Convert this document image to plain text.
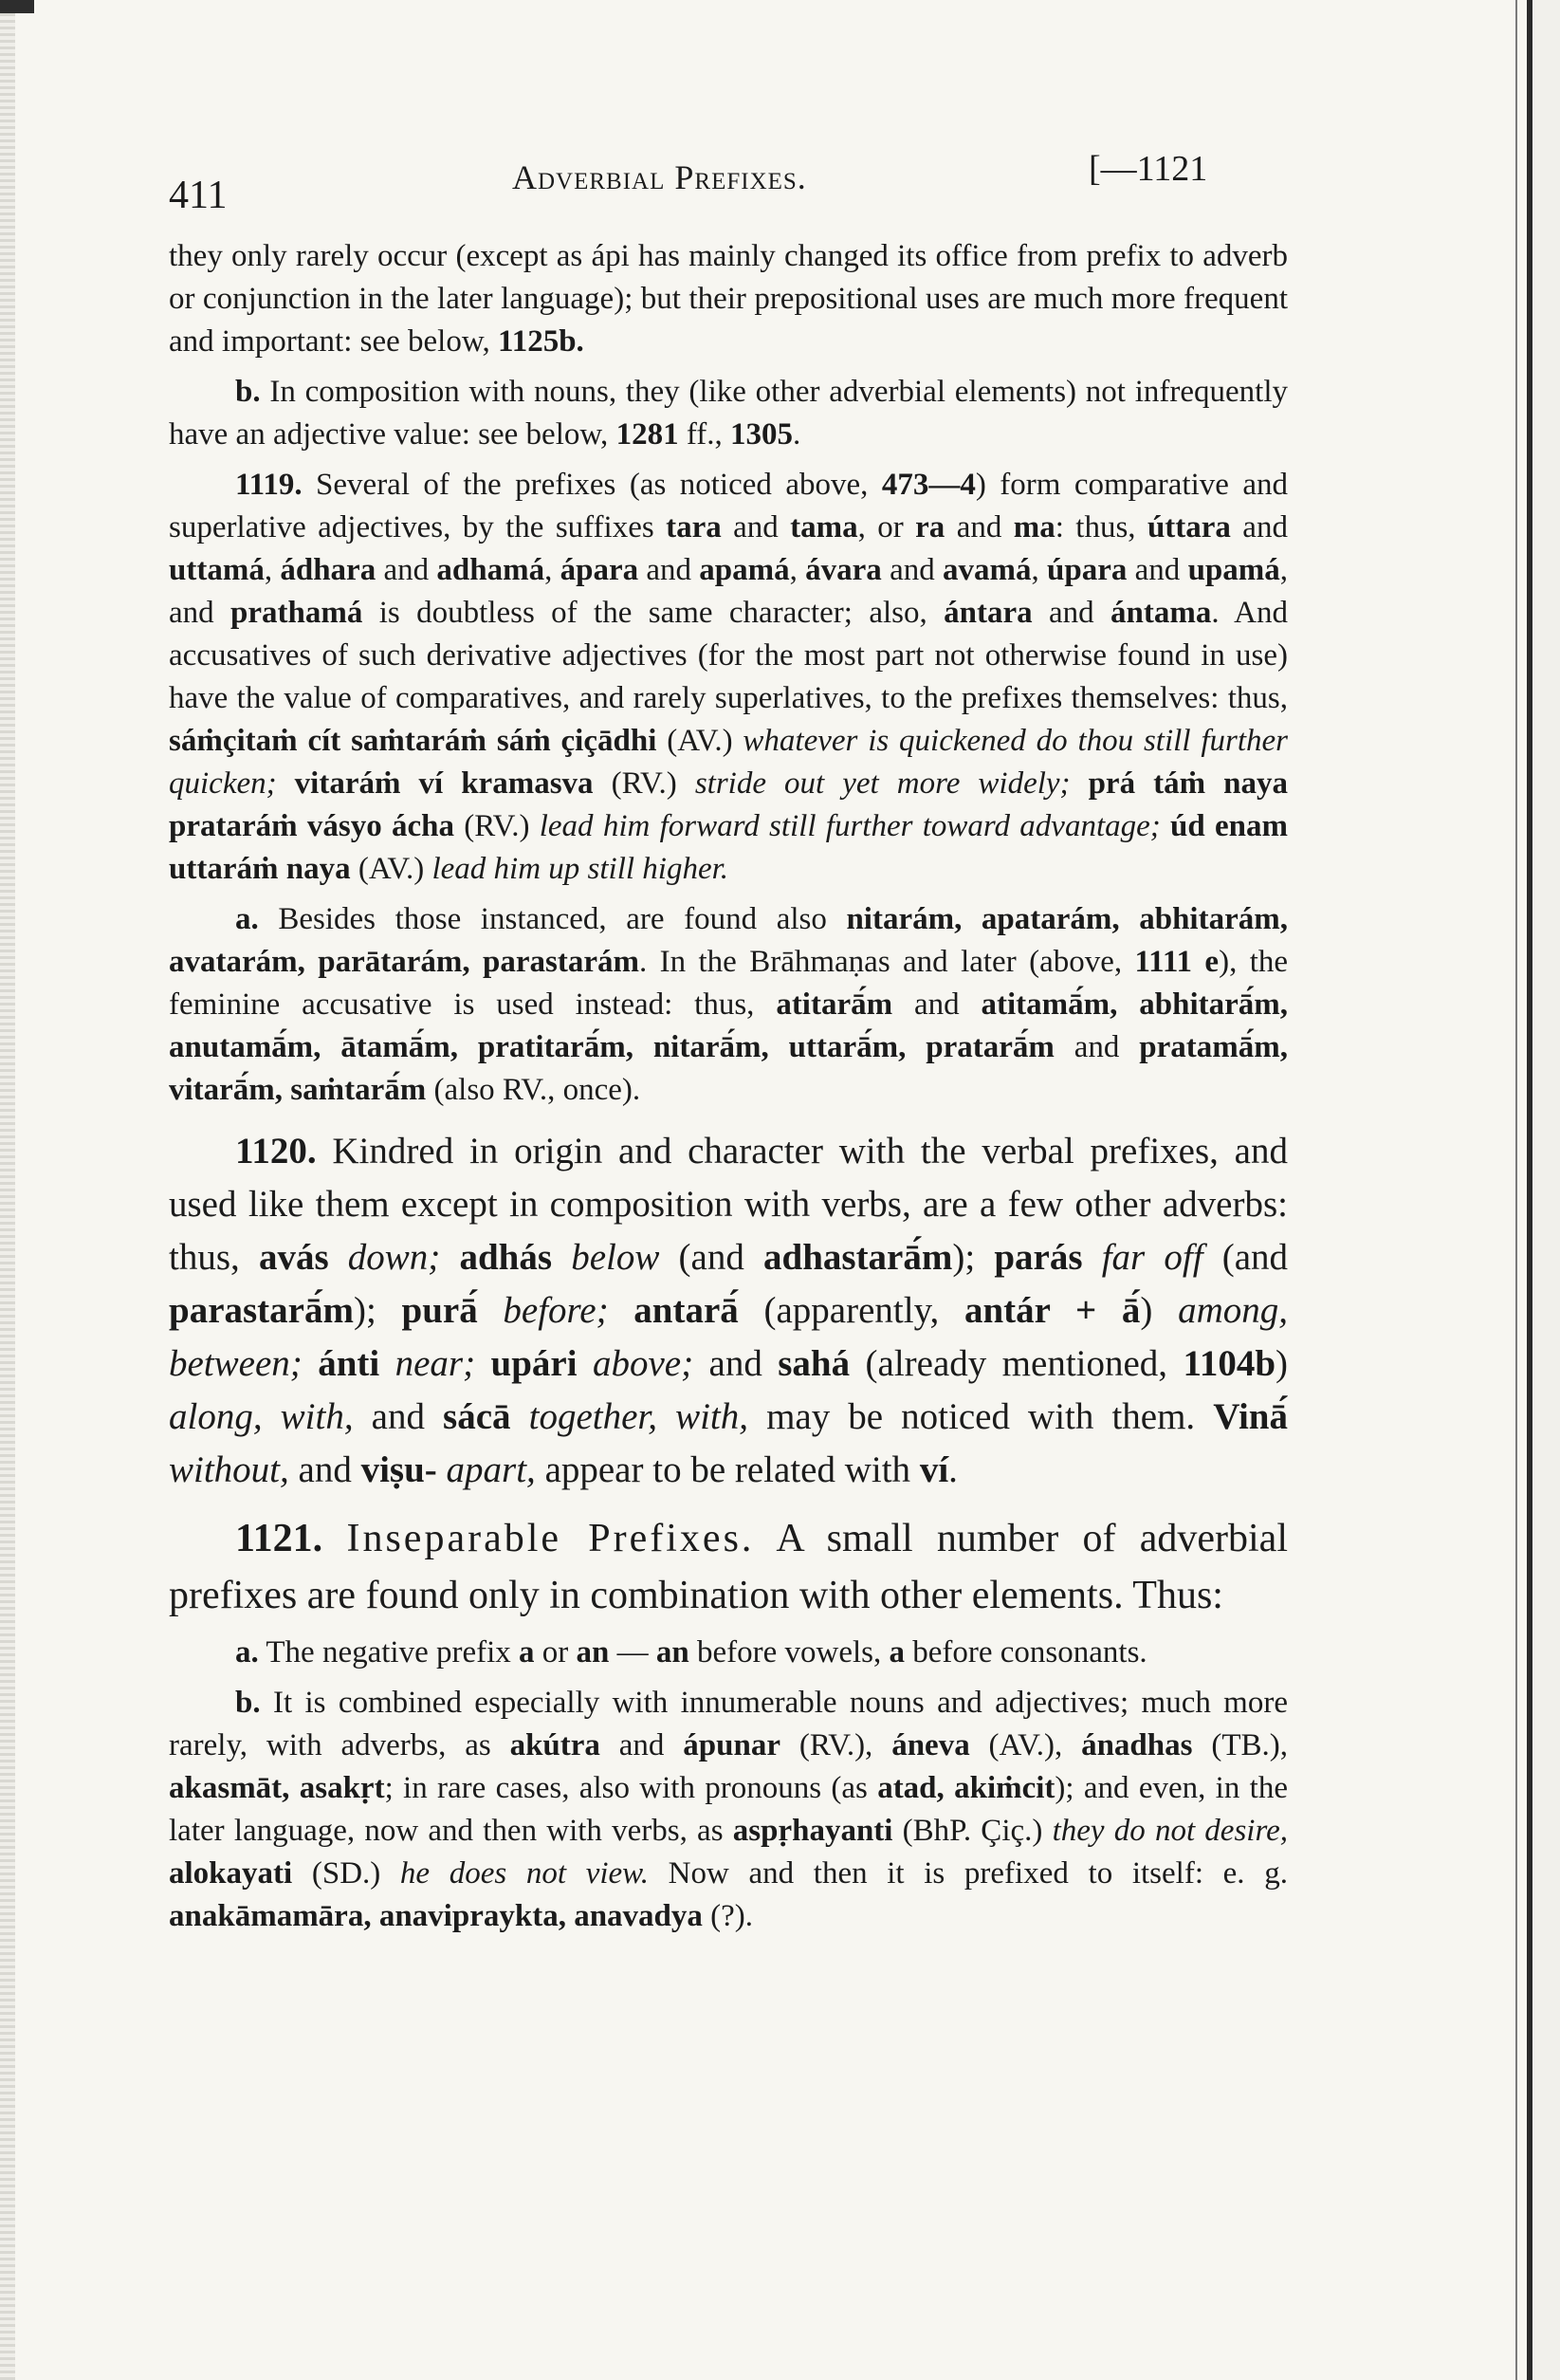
411	Adverbial Prefixes.	[—1121

they only rarely occur (except as ápi has mainly changed its office from prefix to adverb or conjunction in the later language); but their prepositional uses are much more frequent and important: see below, 1125b.

b. In composition with nouns, they (like other adverbial elements) not infrequently have an adjective value: see below, 1281 ff., 1305.

1119. Several of the prefixes (as noticed above, 473—4) form comparative and superlative adjectives, by the suffixes tara and tama, or ra and ma: thus, úttara and uttamá, ádhara and adhamá, ápara and apamá, ávara and avamá, úpara and upamá, and prathamá is doubtless of the same character; also, ántara and ántama. And accusatives of such derivative adjectives (for the most part not otherwise found in use) have the value of comparatives, and rarely superlatives, to the prefixes themselves: thus, sáṁçitaṁ cít saṁtaráṁ sáṁ çiçādhi (AV.) whatever is quickened do thou still further quicken; vitaráṁ ví kramasva (RV.) stride out yet more widely; prá táṁ naya prataráṁ vásyo ácha (RV.) lead him forward still further toward advantage; úd enam uttaráṁ naya (AV.) lead him up still higher.

a. Besides those instanced, are found also nitarám, apatarám, abhitarám, avatarám, parātarám, parastarám. In the Brāhmaṇas and later (above, 1111 e), the feminine accusative is used instead: thus, atitarā́m and atitamā́m, abhitarā́m, anutamā́m, ātamā́m, pratitarā́m, nitarā́m, uttarā́m, pratarā́m and pratamā́m, vitarā́m, saṁtarā́m (also RV., once).

1120. Kindred in origin and character with the verbal prefixes, and used like them except in composition with verbs, are a few other adverbs: thus, avás down; adhás below (and adhastarā́m); parás far off (and parastarā́m); purā́ before; antarā́ (apparently, antár + ā́) among, between; ánti near; upári above; and sahá (already mentioned, 1104b) along, with, and sácā together, with, may be noticed with them. Vinā́ without, and viṣu- apart, appear to be related with ví.

1121. Inseparable Prefixes. A small number of adverbial prefixes are found only in combination with other elements. Thus:

a. The negative prefix a or an — an before vowels, a before consonants.

b. It is combined especially with innumerable nouns and adjectives; much more rarely, with adverbs, as akútra and ápunar (RV.), áneva (AV.), ánadhas (TB.), akasmāt, asakṛt; in rare cases, also with pronouns (as atad, akiṁcit); and even, in the later language, now and then with verbs, as aspṛhayanti (BhP. Çiç.) they do not desire, alokayati (SD.) he does not view. Now and then it is prefixed to itself: e. g. anakāmamāra, anavipraykta, anavadya (?).
